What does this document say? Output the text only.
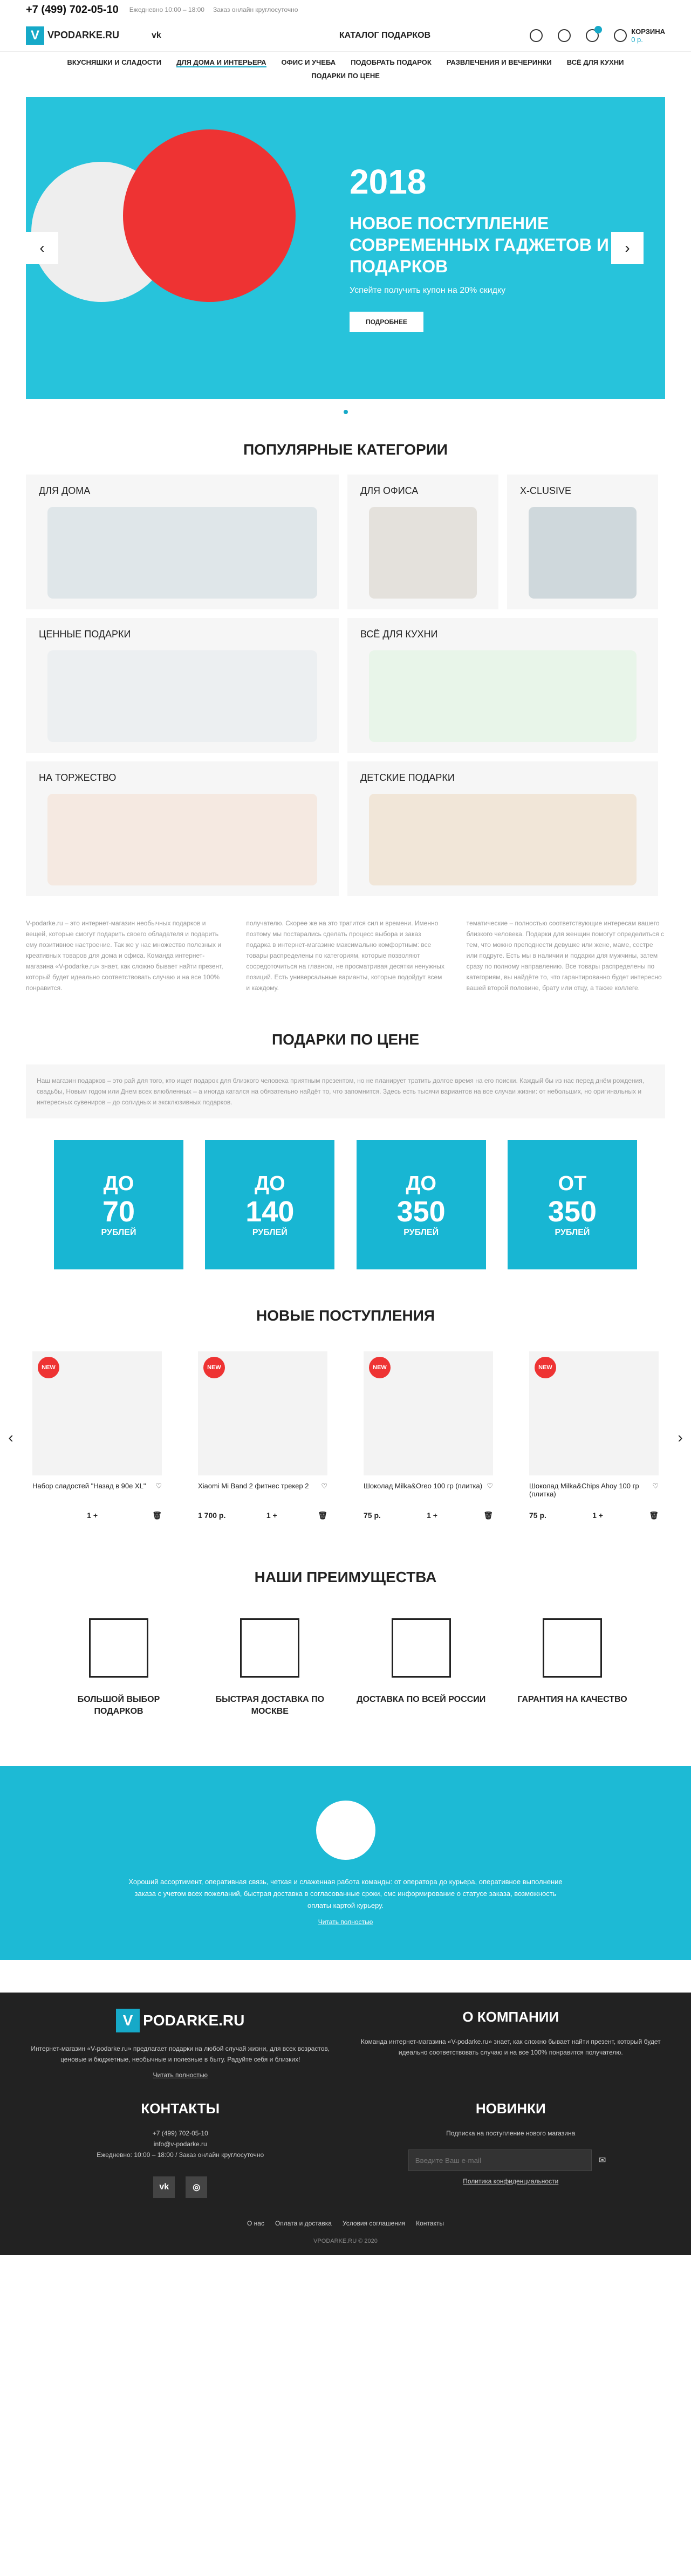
+7 (499) 702-05-10 Ежедневно 10:00 – 18:00 Заказ онлайн круглосуточно
V VPODARKE.RU	vk	КАТАЛОГ ПОДАРКОВ	КОРЗИНА
0 р.
ВКУСНЯШКИ И СЛАДОСТИ ДЛЯ ДОМА И ИНТЕРЬЕРА ОФИС И УЧЕБА ПОДОБРАТЬ ПОДАРОК РАЗВЛЕЧЕНИЯ И ВЕЧЕРИНКИ ВСЁ ДЛЯ КУХНИ
ПОДАРКИ ПО ЦЕНЕ
2018
НОВОЕ ПОСТУПЛЕНИЕ СОВРЕМЕННЫХ ГАДЖЕТОВ И ПОДАРКОВ
Успейте получить купон на 20% скидку
ПОДРОБНЕЕ
‹	›
ПОПУЛЯРНЫЕ КАТЕГОРИИ
ДЛЯ ДОМА	ДЛЯ ОФИСА	X-CLUSIVE
ЦЕННЫЕ ПОДАРКИ	ВСЁ ДЛЯ КУХНИ
НА ТОРЖЕСТВО	ДЕТСКИЕ ПОДАРКИ
V-podarke.ru – это интернет-магазин необычных подарков и вещей, которые смогут подарить своего обладателя и подарить ему позитивное настроение. Так же у нас множество полезных и креативных товаров для дома и офиса. Команда интернет-магазина «V-podarke.ru» знает, как сложно бывает найти презент, который будет идеально соответствовать случаю и на все 100% понравится.
получателю. Скорее же на это тратится сил и времени. Именно поэтому мы постарались сделать процесс выбора и заказ подарка в интернет-магазине максимально комфортным: все товары распределены по категориям, которые позволяют сосредоточиться на главном, не просматривая десятки ненужных позиций. Есть универсальные варианты, которые подойдут всем и каждому.
тематические – полностью соответствующие интересам вашего близкого человека. Подарки для женщин помогут определиться с тем, что можно преподнести девушке или жене, маме, сестре или подруге. Есть мы в наличии и подарки для мужчины, затем сразу по полному направлению. Все товары распределены по категориям, вы найдёте то, что гарантированно будет интересно вашей второй половине, брату или отцу, а также коллеге.
ПОДАРКИ ПО ЦЕНЕ
Наш магазин подарков – это рай для того, кто ищет подарок для близкого человека приятным презентом, но не планирует тратить долгое время на его поиски. Каждый бы из нас перед днём рождения, свадьбы, Новым годом или Днем всех влюбленных – а иногда катался на обязательно найдёт то, что запомнится. Здесь есть тысячи вариантов на все случаи жизни: от небольших, но оригинальных и интересных сувениров – до солидных и эксклюзивных подарков.
ДО
70
РУБЛЕЙ
ДО
140
РУБЛЕЙ
ДО
350
РУБЛЕЙ
ОТ
350
РУБЛЕЙ
НОВЫЕ ПОСТУПЛЕНИЯ
NEW
Набор сладостей "Назад в 90е XL" ♡
1 +	🗑
NEW
Xiaomi Mi Band 2 фитнес трекер 2 ♡
1 700 р.	1 +	🗑
NEW
Шоколад Milka&Oreo 100 гр (плитка) ♡
75 р.	1 +	🗑
NEW
Шоколад Milka&Chips Ahoy 100 гр (плитка)
♡
75 р.	1 +	🗑
‹	›
НАШИ ПРЕИМУЩЕСТВА
БОЛЬШОЙ ВЫБОР ПОДАРКОВ
БЫСТРАЯ ДОСТАВКА ПО МОСКВЕ
ДОСТАВКА ПО ВСЕЙ РОССИИ	ГАРАНТИЯ НА КАЧЕСТВО
Хороший ассортимент, оперативная связь, четкая и слаженная работа команды: от оператора до курьера, оперативное выполнение заказа с учетом всех пожеланий, быстрая доставка в согласованные сроки, смс информирование о статусе заказа, возможность оплаты картой курьеру.
Читать полностью
V PODARKE.RU
Интернет-магазин «V-podarke.ru» предлагает подарки на любой случай жизни, для всех возрастов, ценовые и бюджетные, необычные и полезные в быту. Радуйте себя и близких!
Читать полностью
О КОМПАНИИ
Команда интернет-магазина «V-podarke.ru» знает, как сложно бывает найти презент, который будет идеально соответствовать случаю и на все 100% понравится получателю.
КОНТАКТЫ
+7 (499) 702-05-10
info@v-podarke.ru
Ежедневно: 10:00 – 18:00 / Заказ онлайн круглосуточно
vk	◎
НОВИНКИ
Подписка на поступление нового магазина
Введите Ваш e-mail
✉
Политика конфиденциальности
О нас Оплата и доставка Условия соглашения Контакты
VPODARKE.RU © 2020
